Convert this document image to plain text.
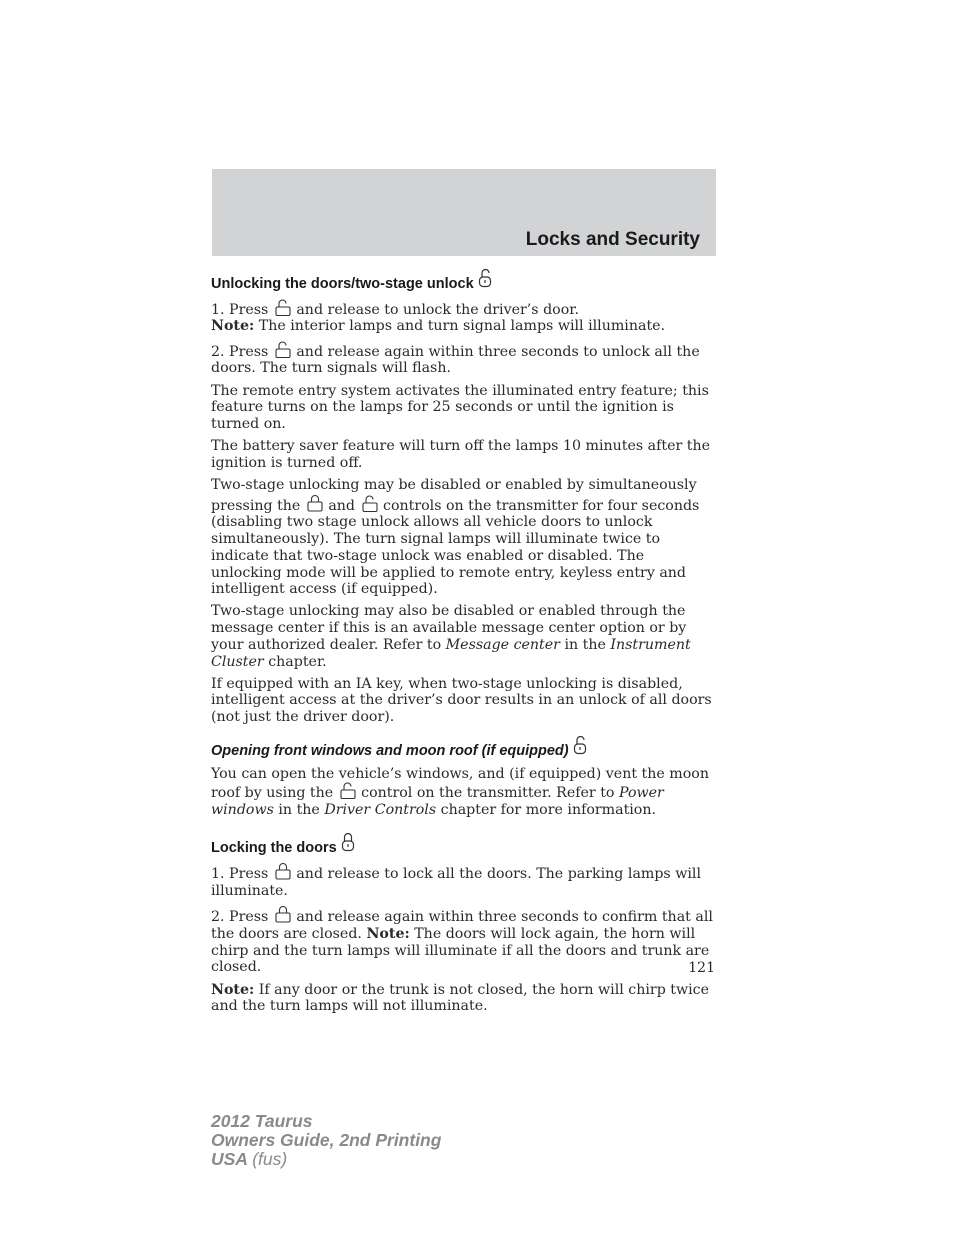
Locks and Security
Unlocking the doors/two-stage unlock

1. Press and release to unlock the driver’s door.
Note: The interior lamps and turn signal lamps will illuminate.

2. Press and release again within three seconds to unlock all the doors. The turn signals will flash.

The remote entry system activates the illuminated entry feature; this feature turns on the lamps for 25 seconds or until the ignition is turned on.

The battery saver feature will turn off the lamps 10 minutes after the ignition is turned off.

Two-stage unlocking may be disabled or enabled by simultaneously pressing the and controls on the transmitter for four seconds (disabling two stage unlock allows all vehicle doors to unlock simultaneously). The turn signal lamps will illuminate twice to indicate that two-stage unlock was enabled or disabled. The unlocking mode will be applied to remote entry, keyless entry and intelligent access (if equipped).

Two-stage unlocking may also be disabled or enabled through the message center if this is an available message center option or by your authorized dealer. Refer to Message center in the Instrument Cluster chapter.

If equipped with an IA key, when two-stage unlocking is disabled, intelligent access at the driver’s door results in an unlock of all doors (not just the driver door).

Opening front windows and moon roof (if equipped)

You can open the vehicle’s windows, and (if equipped) vent the moon roof by using the control on the transmitter. Refer to Power windows in the Driver Controls chapter for more information.

Locking the doors

1. Press and release to lock all the doors. The parking lamps will illuminate.

2. Press and release again within three seconds to confirm that all the doors are closed. Note: The doors will lock again, the horn will chirp and the turn lamps will illuminate if all the doors and trunk are closed.

Note: If any door or the trunk is not closed, the horn will chirp twice and the turn lamps will not illuminate.

121
2012 Taurus
Owners Guide, 2nd Printing
USA (fus)
